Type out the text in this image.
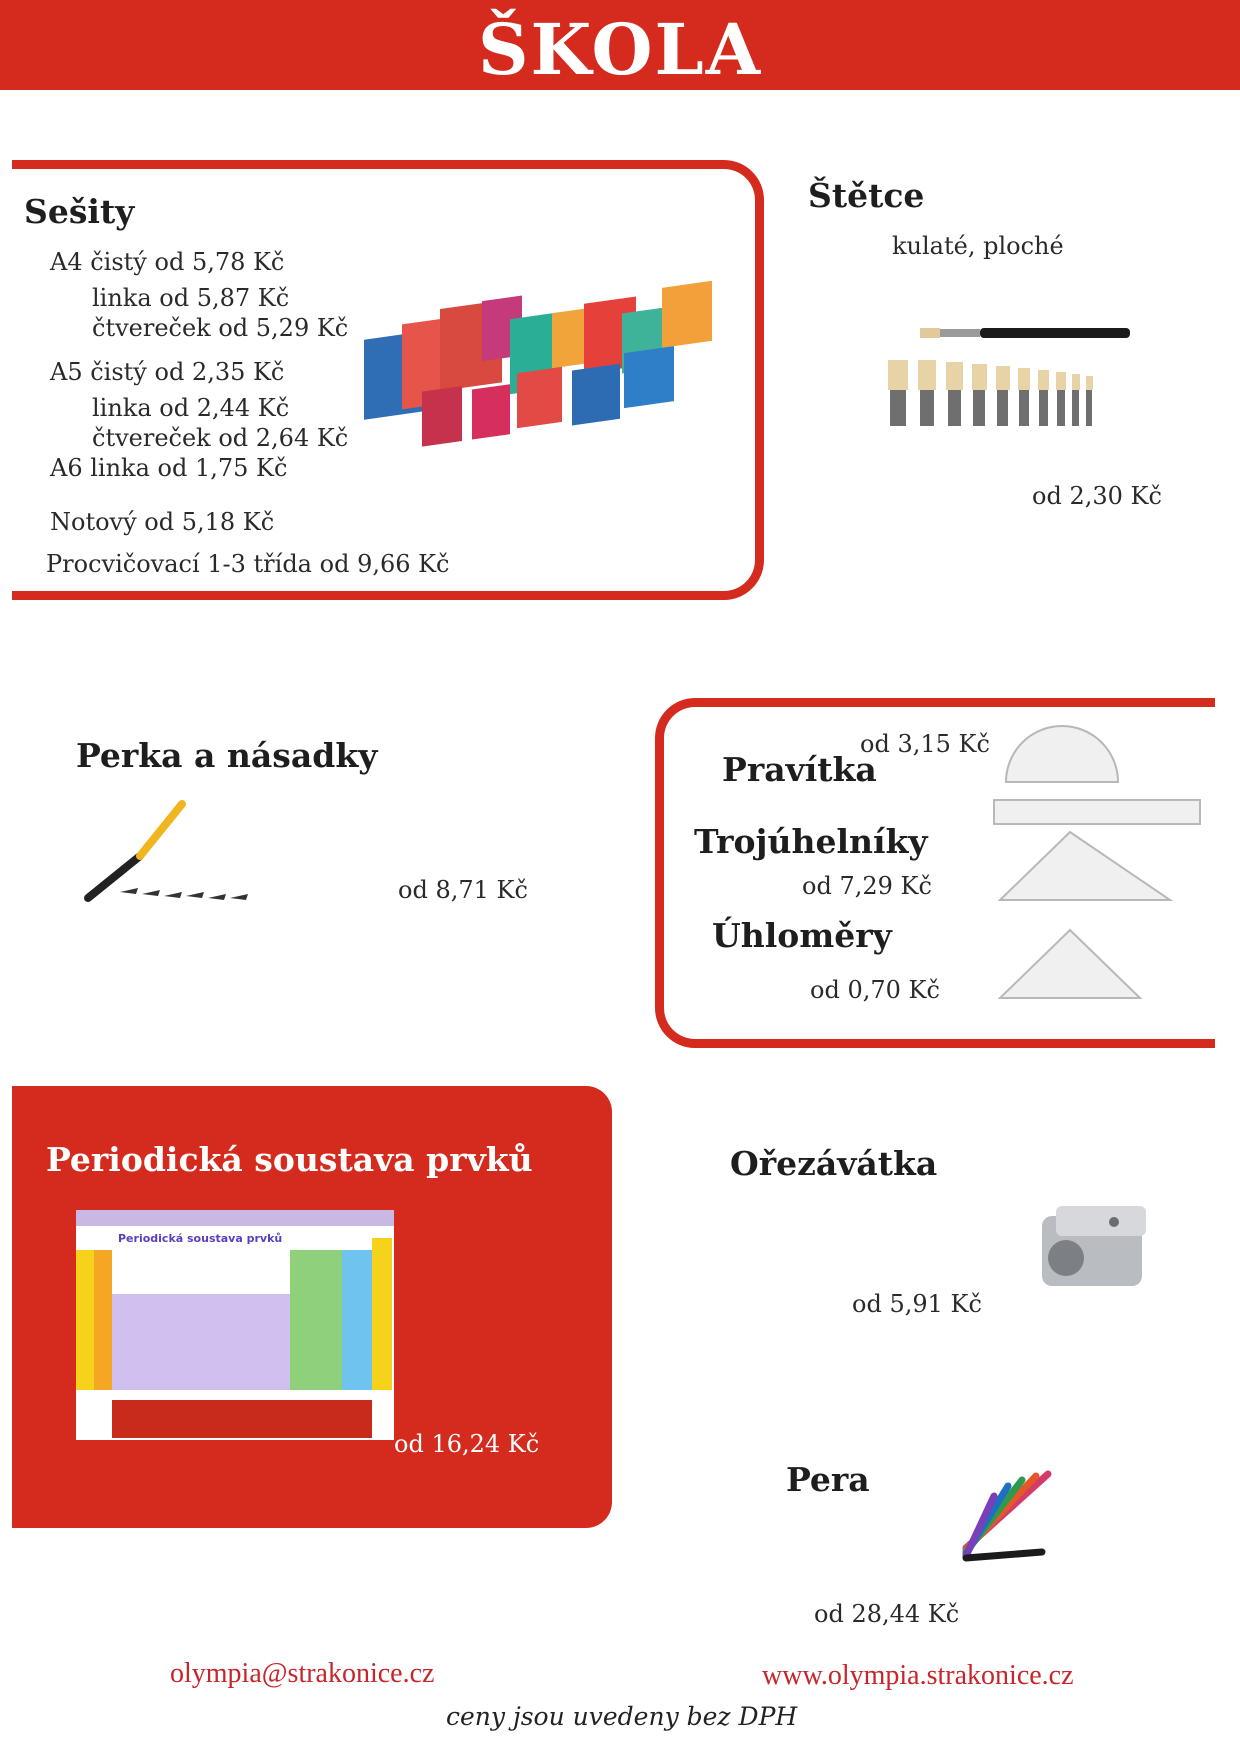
ŠKOLA
Sešity
A4 čistý od 5,78 Kč
linka od 5,87 Kč
čtvereček od 5,29 Kč
A5 čistý od 2,35 Kč
linka od 2,44 Kč
čtvereček od 2,64 Kč
A6 linka od 1,75 Kč
Notový od 5,18 Kč
Procvičovací 1-3 třída od 9,66 Kč
Štětce
kulaté, ploché
od 2,30 Kč
Perka a násadky
od 8,71 Kč
Pravítka
od 3,15 Kč
Trojúhelníky
od 7,29 Kč
Úhloměry
od 0,70 Kč
Periodická soustava prvků
Periodická soustava prvků
od 16,24 Kč
Ořezávátka
od 5,91 Kč
Pera
od 28,44 Kč
olympia@strakonice.cz	www.olympia.strakonice.cz
ceny jsou uvedeny bez DPH
